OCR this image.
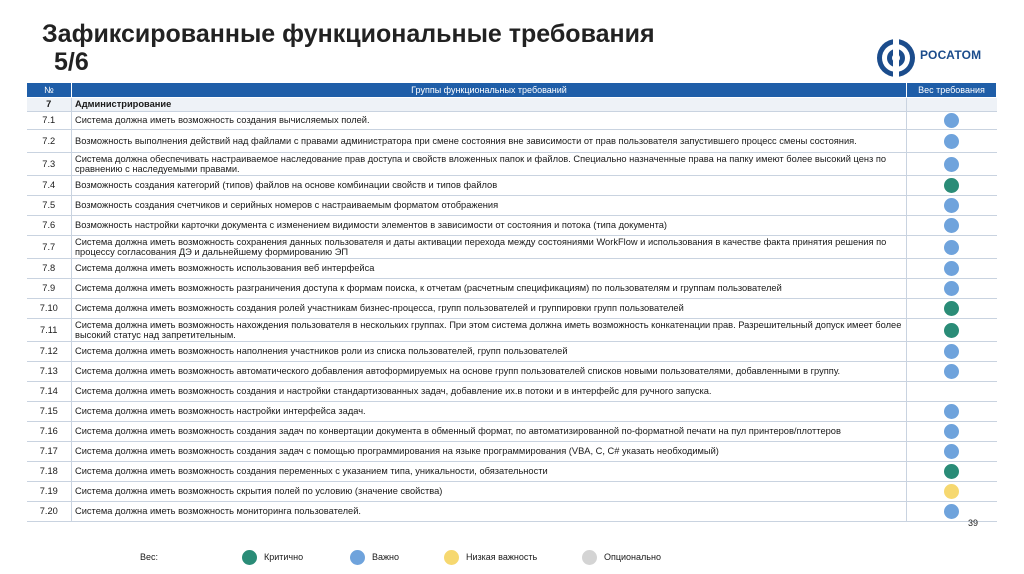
Зафиксированные функциональные требования
5/6	РОСАТОМ
№	Группы функциональных требований	Вес требования
7	Администрирование	
7.1	Система должна иметь возможность создания вычисляемых полей.	
7.2	Возможность выполнения действий над файлами с правами администратора при смене состояния вне зависимости от прав пользователя запустившего процесс смены состояния.	
7.3	Система должна обеспечивать настраиваемое наследование прав доступа и свойств вложенных папок и файлов. Специально назначенные права на папку имеют более высокий ценз по сравнению с наследуемыми правами.	
7.4	Возможность создания категорий (типов) файлов на основе комбинации свойств и типов файлов	
7.5	Возможность создания счетчиков и серийных номеров с настраиваемым форматом отображения	
7.6	Возможность настройки карточки документа с изменением видимости элементов в зависимости от состояния и потока (типа документа)	
7.7	Система должна иметь возможность сохранения данных пользователя и даты активации перехода между состояниями WorkFlow и использования в качестве факта принятия решения по процессу согласования ДЭ и дальнейшему формированию ЭП	
7.8	Система должна иметь возможность использования веб интерфейса	
7.9	Система должна иметь возможность разграничения доступа к формам поиска, к отчетам (расчетным спецификациям) по пользователям и группам пользователей	
7.10	Система должна иметь возможность создания ролей участникам бизнес-процесса, групп пользователей и группировки групп пользователей	
7.11	Система должна иметь возможность нахождения пользователя в нескольких группах. При этом система должна иметь возможность конкатенации прав. Разрешительный допуск имеет более высокий статус над запретительным.	
7.12	Система должна иметь возможность наполнения участников роли из списка пользователей, групп пользователей	
7.13	Система должна иметь возможность автоматического добавления автоформируемых на основе групп пользователей списков новыми пользователями, добавленными в группу.	
7.14	Система должна иметь возможность создания и настройки стандартизованных задач, добавление их.в потоки и в интерфейс для ручного запуска.	
7.15	Система должна иметь возможность настройки интерфейса задач.	
7.16	Система должна иметь возможность создания задач по конвертации документа в обменный формат, по автоматизированной по-форматной печати на пул принтеров/плоттеров	
7.17	Система должна иметь возможность создания задач с помощью программирования на языке программирования (VBA, C, C# указать необходимый)	
7.18	Система должна иметь возможность создания переменных с указанием типа, уникальности, обязательности	
7.19	Система должна иметь возможность скрытия полей по условию (значение свойства)	
7.20	Система должна иметь возможность мониторинга пользователей.	
39
Вес:	Критично	Важно	Низкая важность	Опционально
